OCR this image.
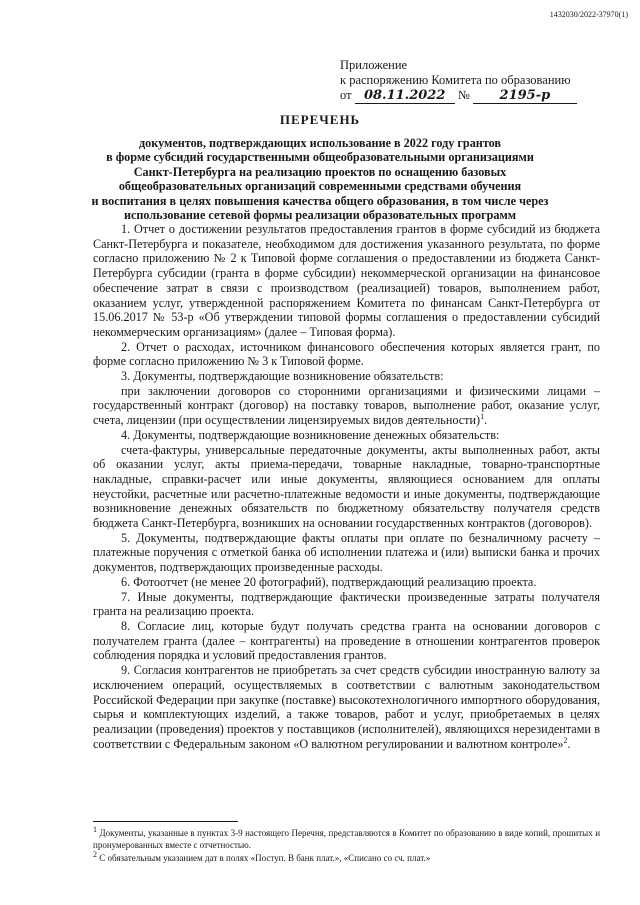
1432030/2022-37970(1)
Приложение
к распоряжению Комитета по образованию
от 08.11.2022 № 2195-р
ПЕРЕЧЕНЬ
документов, подтверждающих использование в 2022 году грантов
в форме субсидий государственными общеобразовательными организациями
Санкт-Петербурга на реализацию проектов по оснащению базовых
общеобразовательных организаций современными средствами обучения
и воспитания в целях повышения качества общего образования, в том числе через
использование сетевой формы реализации образовательных программ

1. Отчет о достижении результатов предоставления грантов в форме субсидий из бюджета Санкт-Петербурга и показателе, необходимом для достижения указанного результата, по форме согласно приложению № 2 к Типовой форме соглашения о предоставлении из бюджета Санкт-Петербурга субсидии (гранта в форме субсидии) некоммерческой организации на финансовое обеспечение затрат в связи с производством (реализацией) товаров, выполнением работ, оказанием услуг, утвержденной распоряжением Комитета по финансам Санкт-Петербурга от 15.06.2017 № 53-р «Об утверждении типовой формы соглашения о предоставлении субсидий некоммерческим организациям» (далее – Типовая форма).

2. Отчет о расходах, источником финансового обеспечения которых является грант, по форме согласно приложению № 3 к Типовой форме.

3. Документы, подтверждающие возникновение обязательств:

при заключении договоров со сторонними организациями и физическими лицами – государственный контракт (договор) на поставку товаров, выполнение работ, оказание услуг, счета, лицензии (при осуществлении лицензируемых видов деятельности)$^1$.

4. Документы, подтверждающие возникновение денежных обязательств:

счета-фактуры, универсальные передаточные документы, акты выполненных работ, акты об оказании услуг, акты приема-передачи, товарные накладные, товарно-транспортные накладные, справки-расчет или иные документы, являющиеся основанием для оплаты неустойки, расчетные или расчетно-платежные ведомости и иные документы, подтверждающие возникновение денежных обязательств по бюджетному обязательству получателя средств бюджета Санкт-Петербурга, возникших на основании государственных контрактов (договоров).

5. Документы, подтверждающие факты оплаты при оплате по безналичному расчету – платежные поручения с отметкой банка об исполнении платежа и (или) выписки банка и прочих документов, подтверждающих произведенные расходы.

6. Фотоотчет (не менее 20 фотографий), подтверждающий реализацию проекта.

7. Иные документы, подтверждающие фактически произведенные затраты получателя гранта на реализацию проекта.

8. Согласие лиц, которые будут получать средства гранта на основании договоров с получателем гранта (далее – контрагенты) на проведение в отношении контрагентов проверок соблюдения порядка и условий предоставления грантов.

9. Согласия контрагентов не приобретать за счет средств субсидии иностранную валюту за исключением операций, осуществляемых в соответствии с валютным законодательством Российской Федерации при закупке (поставке) высокотехнологичного импортного оборудования, сырья и комплектующих изделий, а также товаров, работ и услуг, приобретаемых в целях реализации (проведения) проектов у поставщиков (исполнителей), являющихся нерезидентами в соответствии с Федеральным законом «О валютном регулировании и валютном контроле»$^2$.

$^1$ Документы, указанные в пунктах 3-9 настоящего Перечня, представляются в Комитет по образованию в виде копий, прошитых и пронумерованных вместе с отчетностью.

$^2$ С обязательным указанием дат в полях «Поступ. В банк плат.», «Списано со сч. плат.»
